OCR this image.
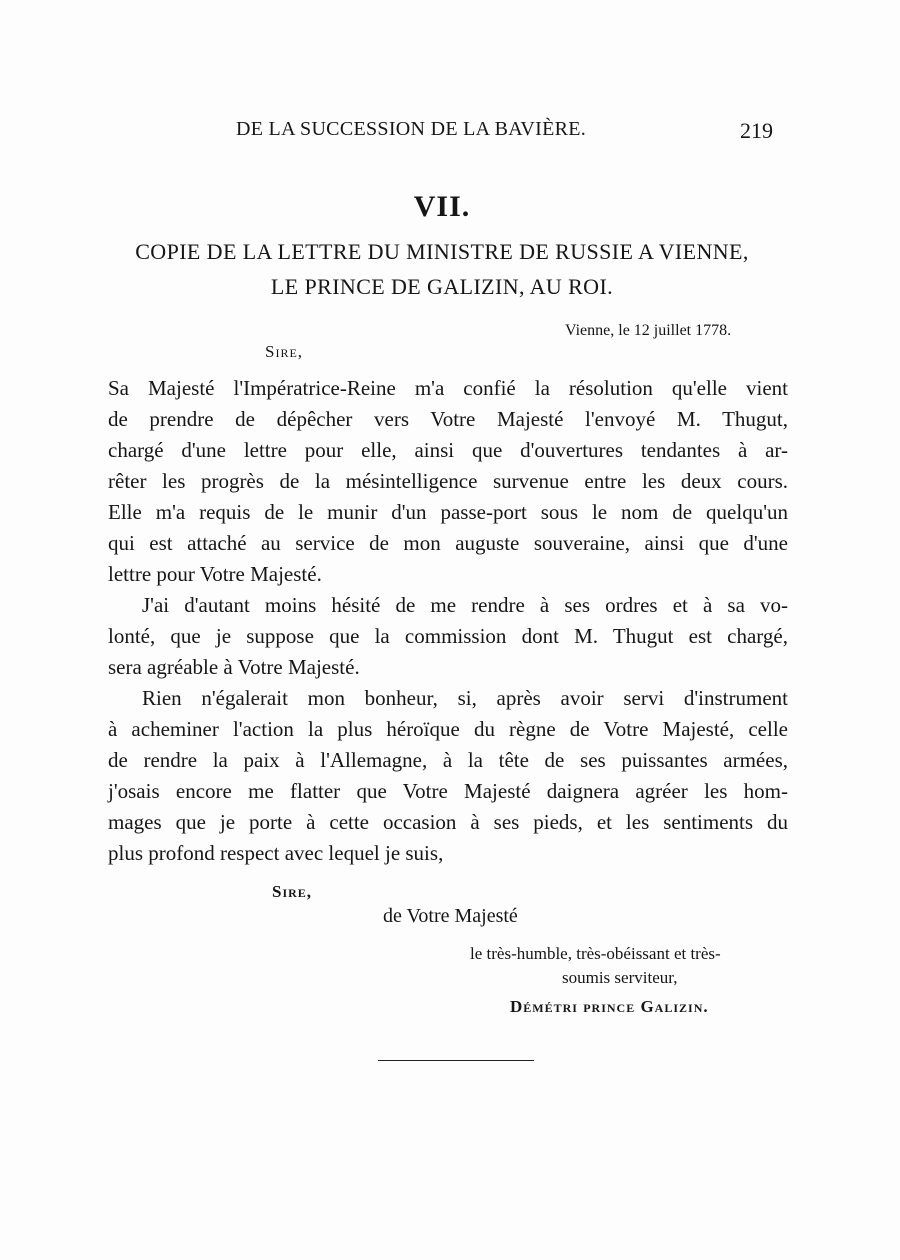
DE LA SUCCESSION DE LA BAVIÈRE.	219
VII.
COPIE DE LA LETTRE DU MINISTRE DE RUSSIE A VIENNE,
LE PRINCE DE GALIZIN, AU ROI.
Vienne, le 12 juillet 1778.
Sire,

Sa Majesté l'Impératrice-Reine m'a confié la résolution qu'elle vient

de prendre de dépêcher vers Votre Majesté l'envoyé M. Thugut,

chargé d'une lettre pour elle, ainsi que d'ouvertures tendantes à ar-

rêter les progrès de la mésintelligence survenue entre les deux cours.

Elle m'a requis de le munir d'un passe-port sous le nom de quelqu'un

qui est attaché au service de mon auguste souveraine, ainsi que d'une

lettre pour Votre Majesté.

J'ai d'autant moins hésité de me rendre à ses ordres et à sa vo-

lonté, que je suppose que la commission dont M. Thugut est chargé,

sera agréable à Votre Majesté.

Rien n'égalerait mon bonheur, si, après avoir servi d'instrument

à acheminer l'action la plus héroïque du règne de Votre Majesté, celle

de rendre la paix à l'Allemagne, à la tête de ses puissantes armées,

j'osais encore me flatter que Votre Majesté daignera agréer les hom-

mages que je porte à cette occasion à ses pieds, et les sentiments du

plus profond respect avec lequel je suis,

Sire,
de Votre Majesté
le très-humble, très-obéissant et très-
soumis serviteur,
Démétri prince Galizin.
